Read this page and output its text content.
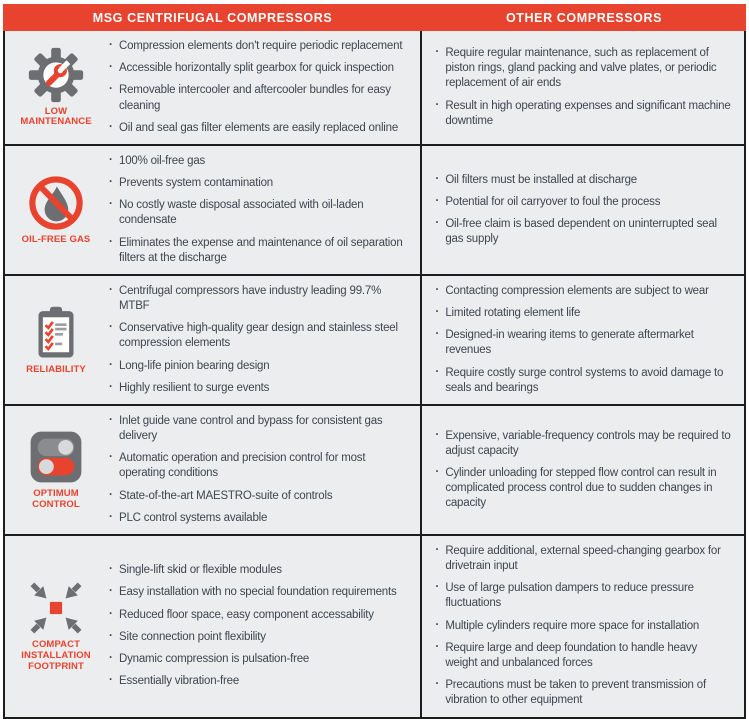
MSG CENTRIFUGAL COMPRESSORS	OTHER COMPRESSORS
LOW MAINTENANCE
· Compression elements don't require periodic replacement
· Accessible horizontally split gearbox for quick inspection
· Removable intercooler and aftercooler bundles for easy cleaning
· Oil and seal gas filter elements are easily replaced online
· Require regular maintenance, such as replacement of piston rings, gland packing and valve plates, or periodic replacement of air ends
· Result in high operating expenses and significant machine downtime
OIL-FREE GAS
· 100% oil-free gas
· Prevents system contamination
· No costly waste disposal associated with oil-laden condensate
· Eliminates the expense and maintenance of oil separation filters at the discharge
· Oil filters must be installed at discharge
· Potential for oil carryover to foul the process
· Oil-free claim is based dependent on uninterrupted seal gas supply
RELIABILITY
· Centrifugal compressors have industry leading 99.7% MTBF
· Conservative high-quality gear design and stainless steel compression elements
· Long-life pinion bearing design
· Highly resilient to surge events
· Contacting compression elements are subject to wear
· Limited rotating element life
· Designed-in wearing items to generate aftermarket revenues
· Require costly surge control systems to avoid damage to seals and bearings
OPTIMUM CONTROL
· Inlet guide vane control and bypass for consistent gas delivery
· Automatic operation and precision control for most operating conditions
· State-of-the-art MAESTRO-suite of controls
· PLC control systems available
· Expensive, variable-frequency controls may be required to adjust capacity
· Cylinder unloading for stepped flow control can result in complicated process control due to sudden changes in capacity
COMPACT INSTALLATION FOOTPRINT
· Single-lift skid or flexible modules
· Easy installation with no special foundation requirements
· Reduced floor space, easy component accessability
· Site connection point flexibility
· Dynamic compression is pulsation-free
· Essentially vibration-free
· Require additional, external speed-changing gearbox for drivetrain input
· Use of large pulsation dampers to reduce pressure fluctuations
· Multiple cylinders require more space for installation
· Require large and deep foundation to handle heavy weight and unbalanced forces
· Precautions must be taken to prevent transmission of vibration to other equipment
